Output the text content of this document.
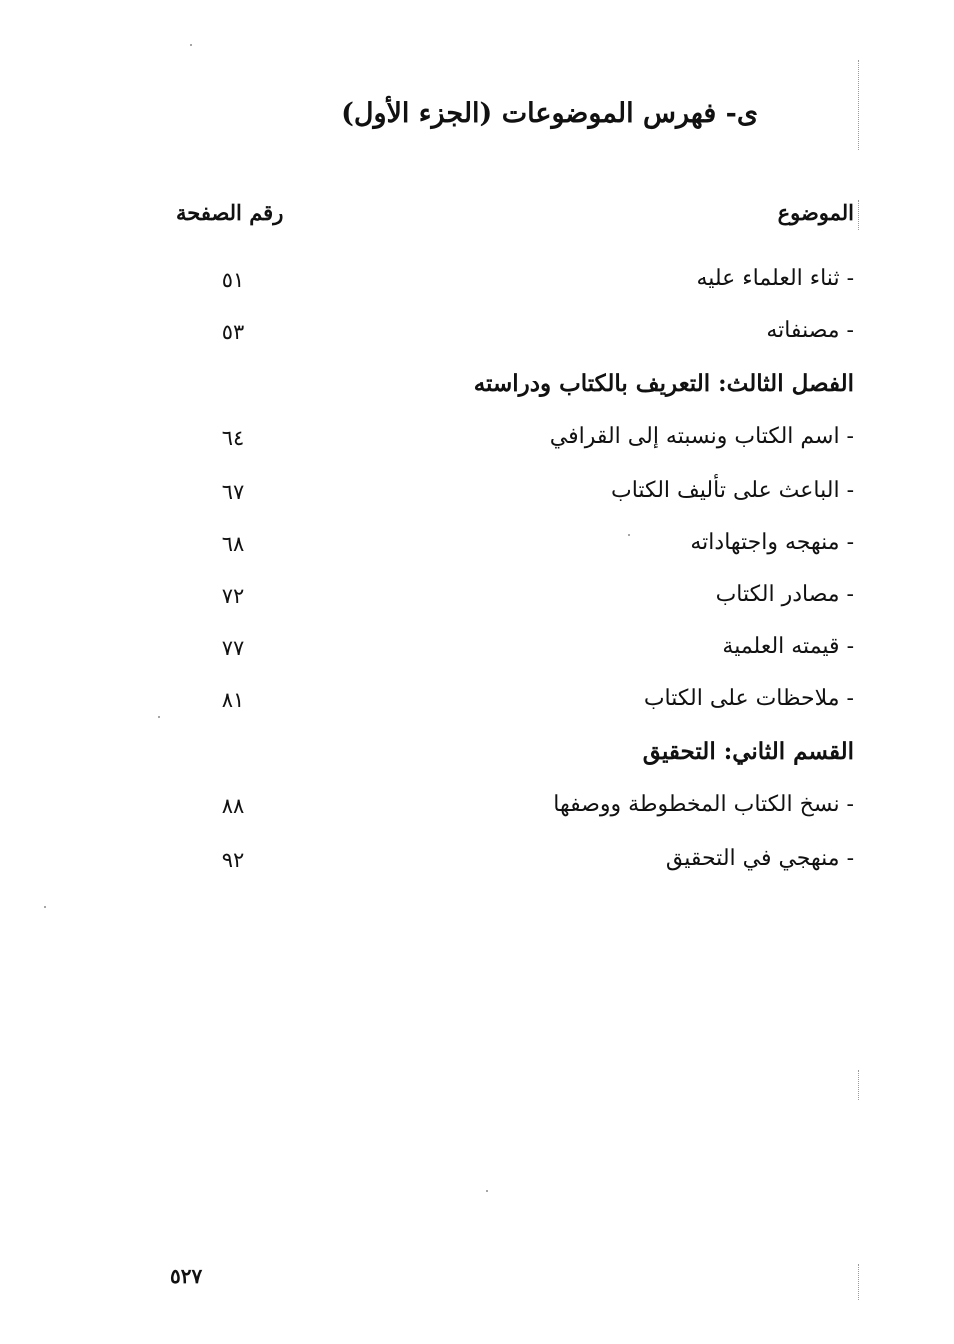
ى- فهرس الموضوعات (الجزء الأول)
الموضوع
رقم الصفحة
- ثناء العلماء عليه
٥١
- مصنفاته
٥٣
الفصل الثالث: التعريف بالكتاب ودراسته
- اسم الكتاب ونسبته إلى القرافي
٦٤
- الباعث على تأليف الكتاب
٦٧
- منهجه واجتهاداته
٦٨
- مصادر الكتاب
٧٢
- قيمته العلمية
٧٧
- ملاحظات على الكتاب
٨١
القسم الثاني: التحقيق
- نسخ الكتاب المخطوطة ووصفها
٨٨
- منهجي في التحقيق
٩٢
٥٢٧
